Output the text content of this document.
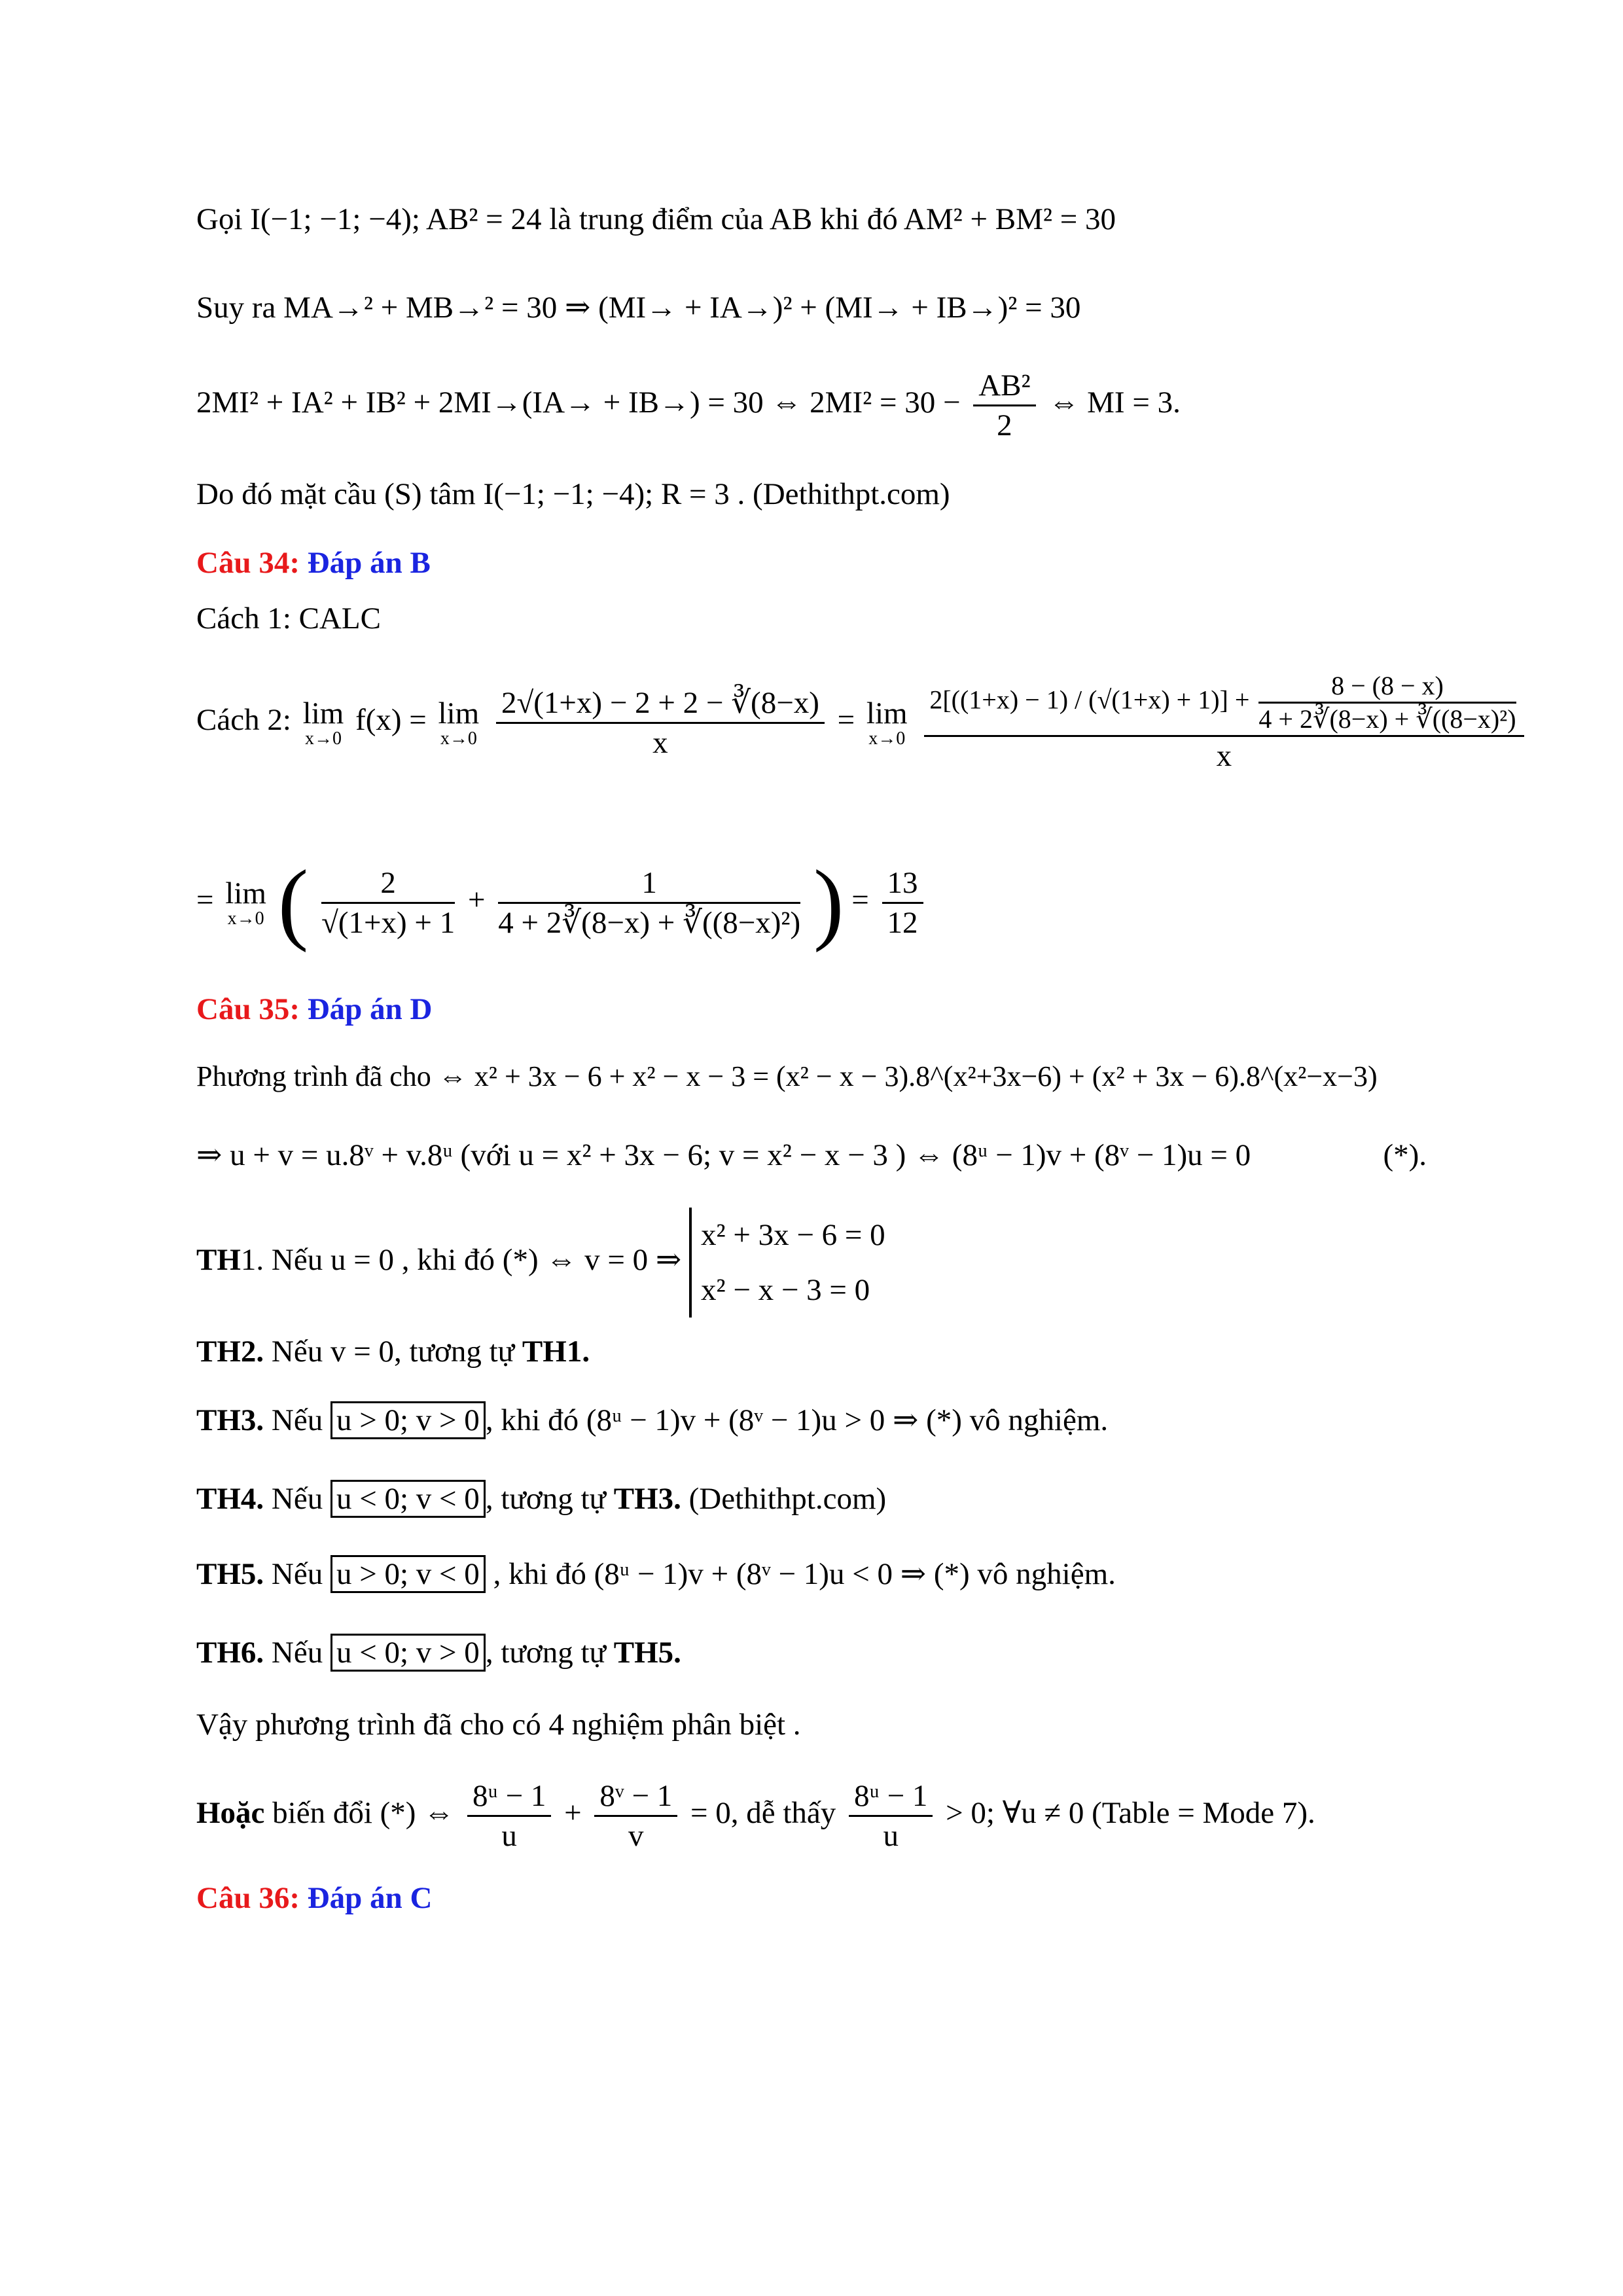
Gọi I(−1; −1; −4); AB² = 24 là trung điểm của AB khi đó AM² + BM² = 30
Suy ra MA→² + MB→² = 30 ⇒ (MI→ + IA→)² + (MI→ + IB→)² = 30
2MI² + IA² + IB² + 2MI→(IA→ + IB→) = 30 ⇔ $2MI^2 = 30 - \frac{\text{AB²}}{2}$ ⇔ MI = 3.
Do đó mặt cầu (S) tâm I(−1; −1; −4); R = 3 . (Dethithpt.com)
Câu 34: Đáp án B
Cách 1: CALC
Cách 2: lim
x→0
f(x) = lim
x→0
$\frac{2√(1+x) - 2 + 2 - ∛(8-x)}{x} = \lim$
x→0

$2[((1+x) - 1) / (√(1+x) + 1)] + \frac{8 - (8 - x)}{\text{4 + 2∛(8−x) + ∛((8−x)²)}}$
x
= lim
x→0 ( $\frac{2}{√(1+x) + 1} + \frac{1}{\text{4 + 2∛(8−x) + ∛((8−x)²)}}$ ) = $\frac{13}{12}$
Câu 35: Đáp án D
Phương trình đã cho ⇔ x² + 3x − 6 + x² − x − 3 = (x² − x − 3).8^(x²+3x−6) + (x² + 3x − 6).8^(x²−x−3)
⇒ u + v = u.8ᵛ + v.8ᵘ (với u = x² + 3x − 6; v = x² − x − 3 ) ⇔ (8ᵘ − 1)v + (8ᵛ − 1)u = 0	(*).
TH1. Nếu u = 0 , khi đó (*) ⇔ v = 0 ⇒
x² + 3x − 6 = 0
x² − x − 3 = 0
TH2. Nếu v = 0, tương tự TH1.
TH3. Nếu u > 0; v > 0 , khi đó (8ᵘ − 1)v + (8ᵛ − 1)u > 0 ⇒ (*) vô nghiệm.
TH4. Nếu u < 0; v < 0 , tương tự TH3. (Dethithpt.com)
TH5. Nếu u > 0; v < 0 , khi đó (8ᵘ − 1)v + (8ᵛ − 1)u < 0 ⇒ (*) vô nghiệm.
TH6. Nếu u < 0; v > 0 , tương tự TH5.
Vậy phương trình đã cho có 4 nghiệm phân biệt .
Hoặc biến đổi (*) ⇔ $\frac{\text{8ᵘ − 1}}{u} + \frac{\text{8ᵛ − 1}}{v} = 0$, dễ thấy $\frac{\text{8ᵘ − 1}}{u} > 0$; ∀u ≠ 0 (Table = Mode 7).
Câu 36: Đáp án C
